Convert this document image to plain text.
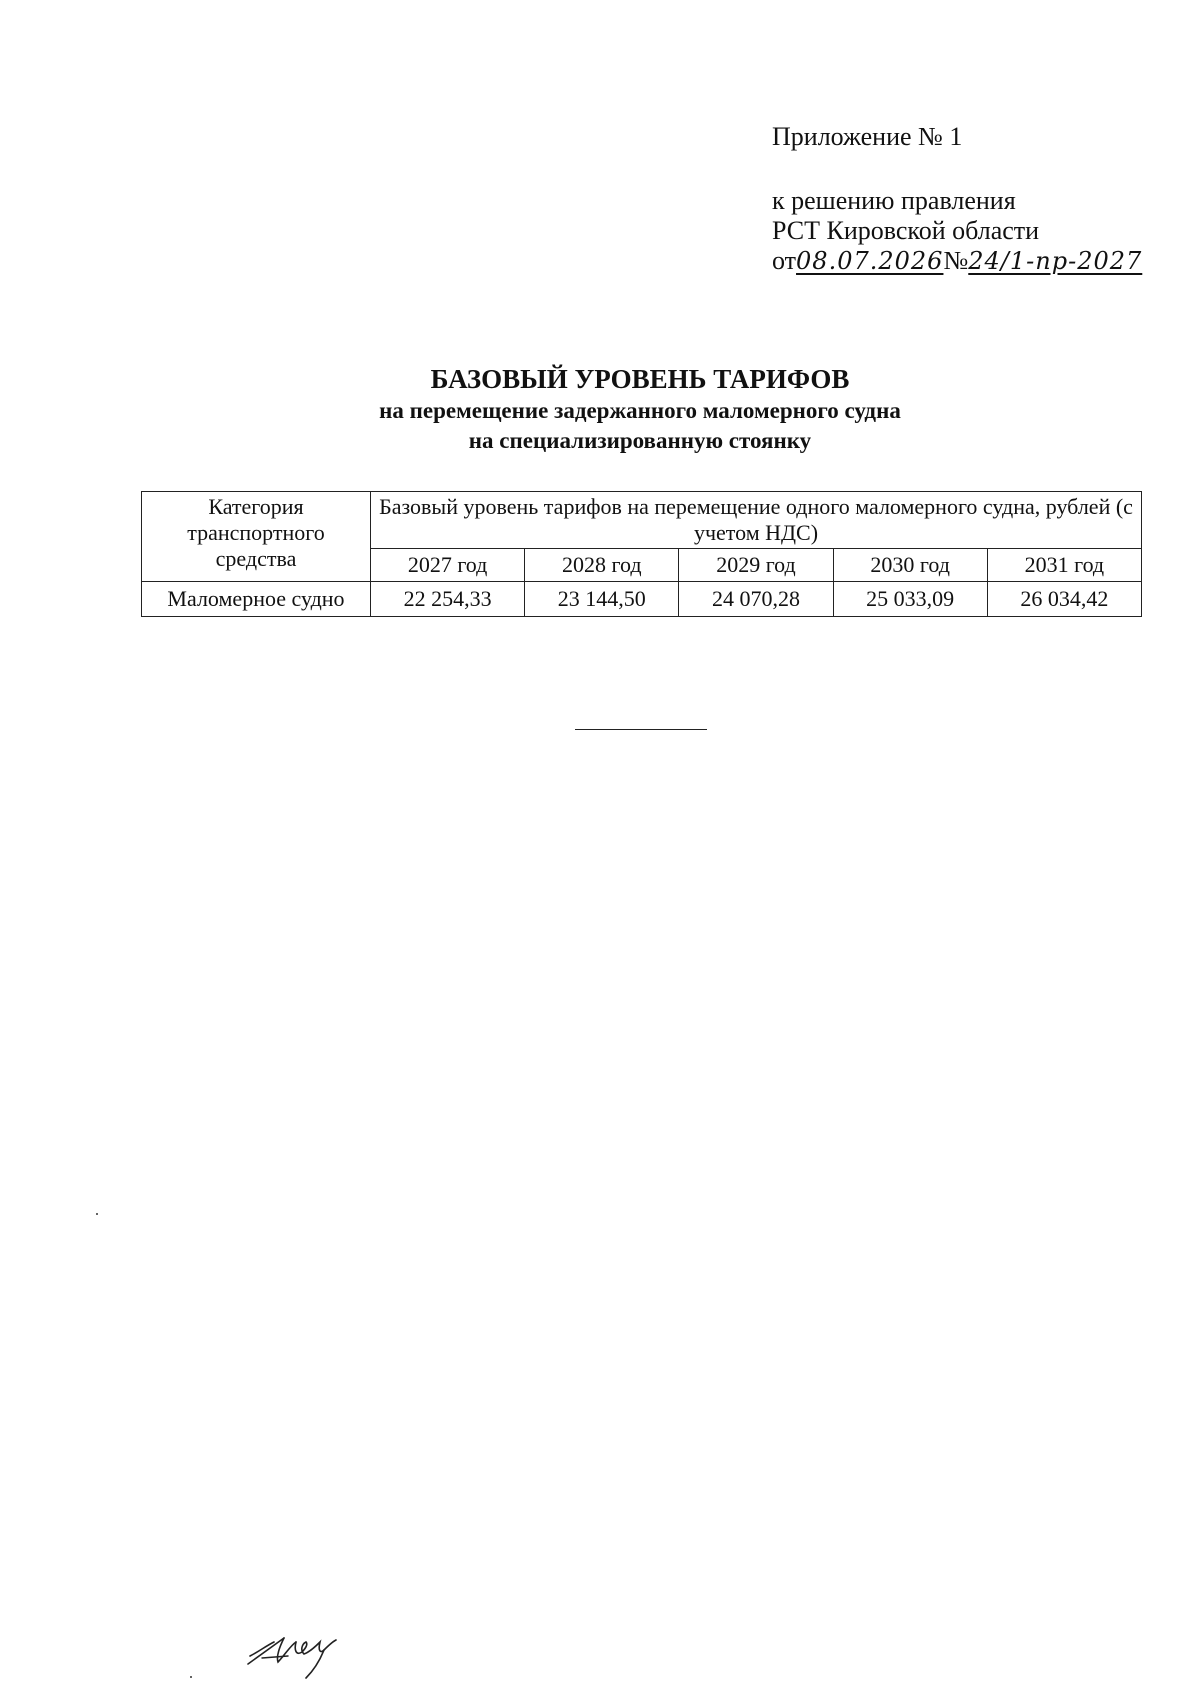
Приложение № 1
к решению правления
РСТ Кировской области
от08.07.2026№24/1-пр-2027
БАЗОВЫЙ УРОВЕНЬ ТАРИФОВ
на перемещение задержанного маломерного судна
на специализированную стоянку
Категория транспортного средства	Базовый уровень тарифов на перемещение одного маломерного судна, рублей (с учетом НДС)				
	2027 год	2028 год	2029 год	2030 год	2031 год
Маломерное судно	22 254,33	23 144,50	24 070,28	25 033,09	26 034,42
